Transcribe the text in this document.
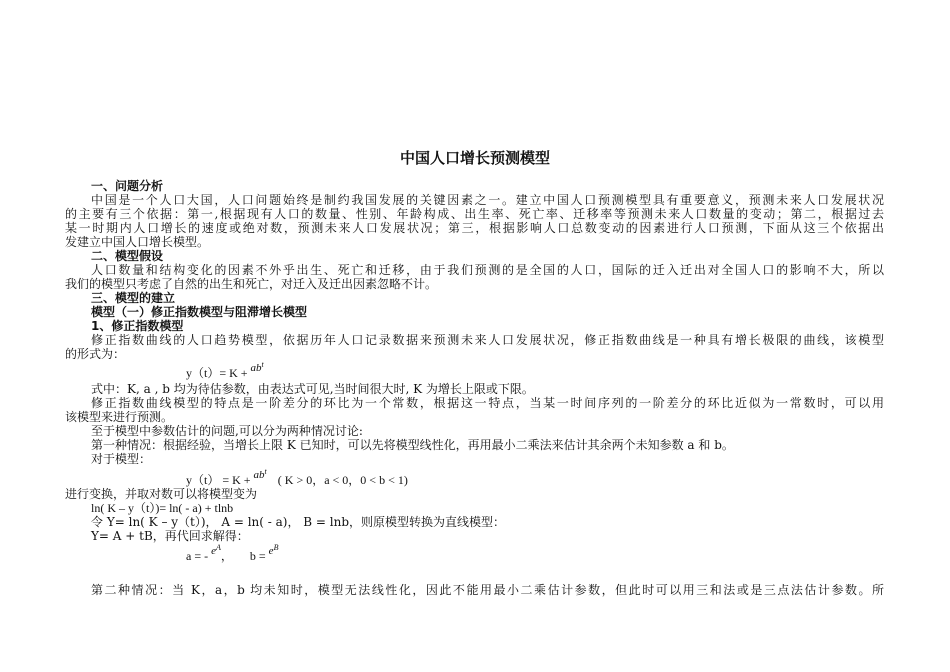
中国人口增长预测模型
一、问题分析
中国是一个人口大国，人口问题始终是制约我国发展的关键因素之一。建立中国人口预测模型具有重要意义，预测未来人口发展状况
的主要有三个依据：第一,根据现有人口的数量、性别、年龄构成、出生率、死亡率、迁移率等预测未来人口数量的变动；第二，根据过去
某一时期内人口增长的速度或绝对数，预测未来人口发展状况；第三，根据影响人口总数变动的因素进行人口预测，下面从这三个依据出
发建立中国人口增长模型。
二、模型假设
人口数量和结构变化的因素不外乎出生、死亡和迁移，由于我们预测的是全国的人口，国际的迁入迁出对全国人口的影响不大，所以
我们的模型只考虑了自然的出生和死亡，对迁入及迁出因素忽略不计。
三、模型的建立
模型（一）修正指数模型与阻滞增长模型
1、修正指数模型
修正指数曲线的人口趋势模型，依据历年人口记录数据来预测未来人口发展状况，修正指数曲线是一种具有增长极限的曲线，该模型
的形式为：
$y(t)= K + ab^t$
式中：K, a , b 均为待估参数，由表达式可见,当时间很大时, K 为增长上限或下限。
修正指数曲线模型的特点是一阶差分的环比为一个常数，根据这一特点，当某一时间序列的一阶差分的环比近似为一常数时，可以用
该模型来进行预测。
至于模型中参数估计的问题,可以分为两种情况讨论:
第一种情况：根据经验，当增长上限 K 已知时，可以先将模型线性化，再用最小二乘法来估计其余两个未知参数 a 和 b。
对于模型：
$y(t) = K + ab^t$ ( K > 0，a < 0，0 < b < 1)
进行变换，并取对数可以将模型变为
ln( K – y（t）)= ln( - a) + tlnb
令 Y= ln( K – y（t）)， A = ln( - a)， B = lnb，则原模型转换为直线模型：
Y= A + tB，再代回求解得：
a = - $e^A$， $b = e^B$
第二种情况：当 K，a，b 均未知时，模型无法线性化，因此不能用最小二乘估计参数，但此时可以用三和法或是三点法估计参数。所
